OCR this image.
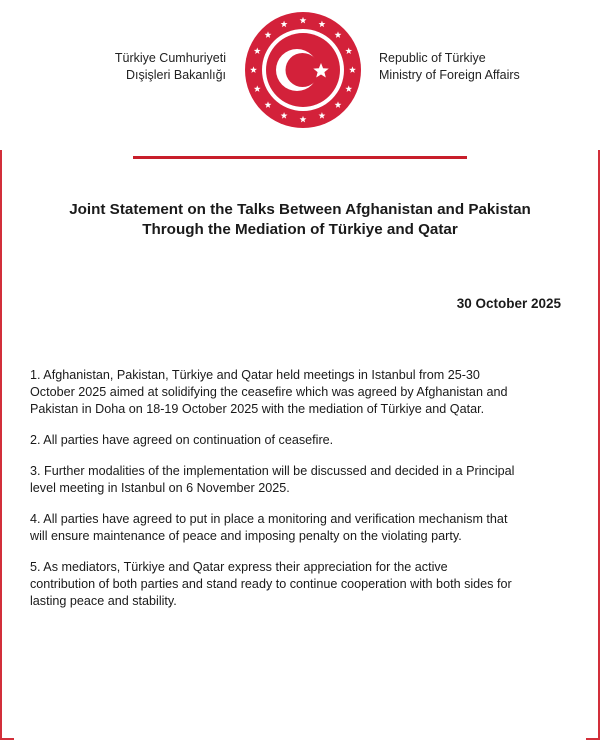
Türkiye Cumhuriyeti
Dışişleri Bakanlığı
Republic of Türkiye
Ministry of Foreign Affairs
Joint Statement on the Talks Between Afghanistan and Pakistan
Through the Mediation of Türkiye and Qatar
30 October 2025

1. Afghanistan, Pakistan, Türkiye and Qatar held meetings in Istanbul from 25-30
October 2025 aimed at solidifying the ceasefire which was agreed by Afghanistan and
Pakistan in Doha on 18-19 October 2025 with the mediation of Türkiye and Qatar.

2. All parties have agreed on continuation of ceasefire.

3. Further modalities of the implementation will be discussed and decided in a Principal
level meeting in Istanbul on 6 November 2025.

4. All parties have agreed to put in place a monitoring and verification mechanism that
will ensure maintenance of peace and imposing penalty on the violating party.

5. As mediators, Türkiye and Qatar express their appreciation for the active
contribution of both parties and stand ready to continue cooperation with both sides for
lasting peace and stability.
